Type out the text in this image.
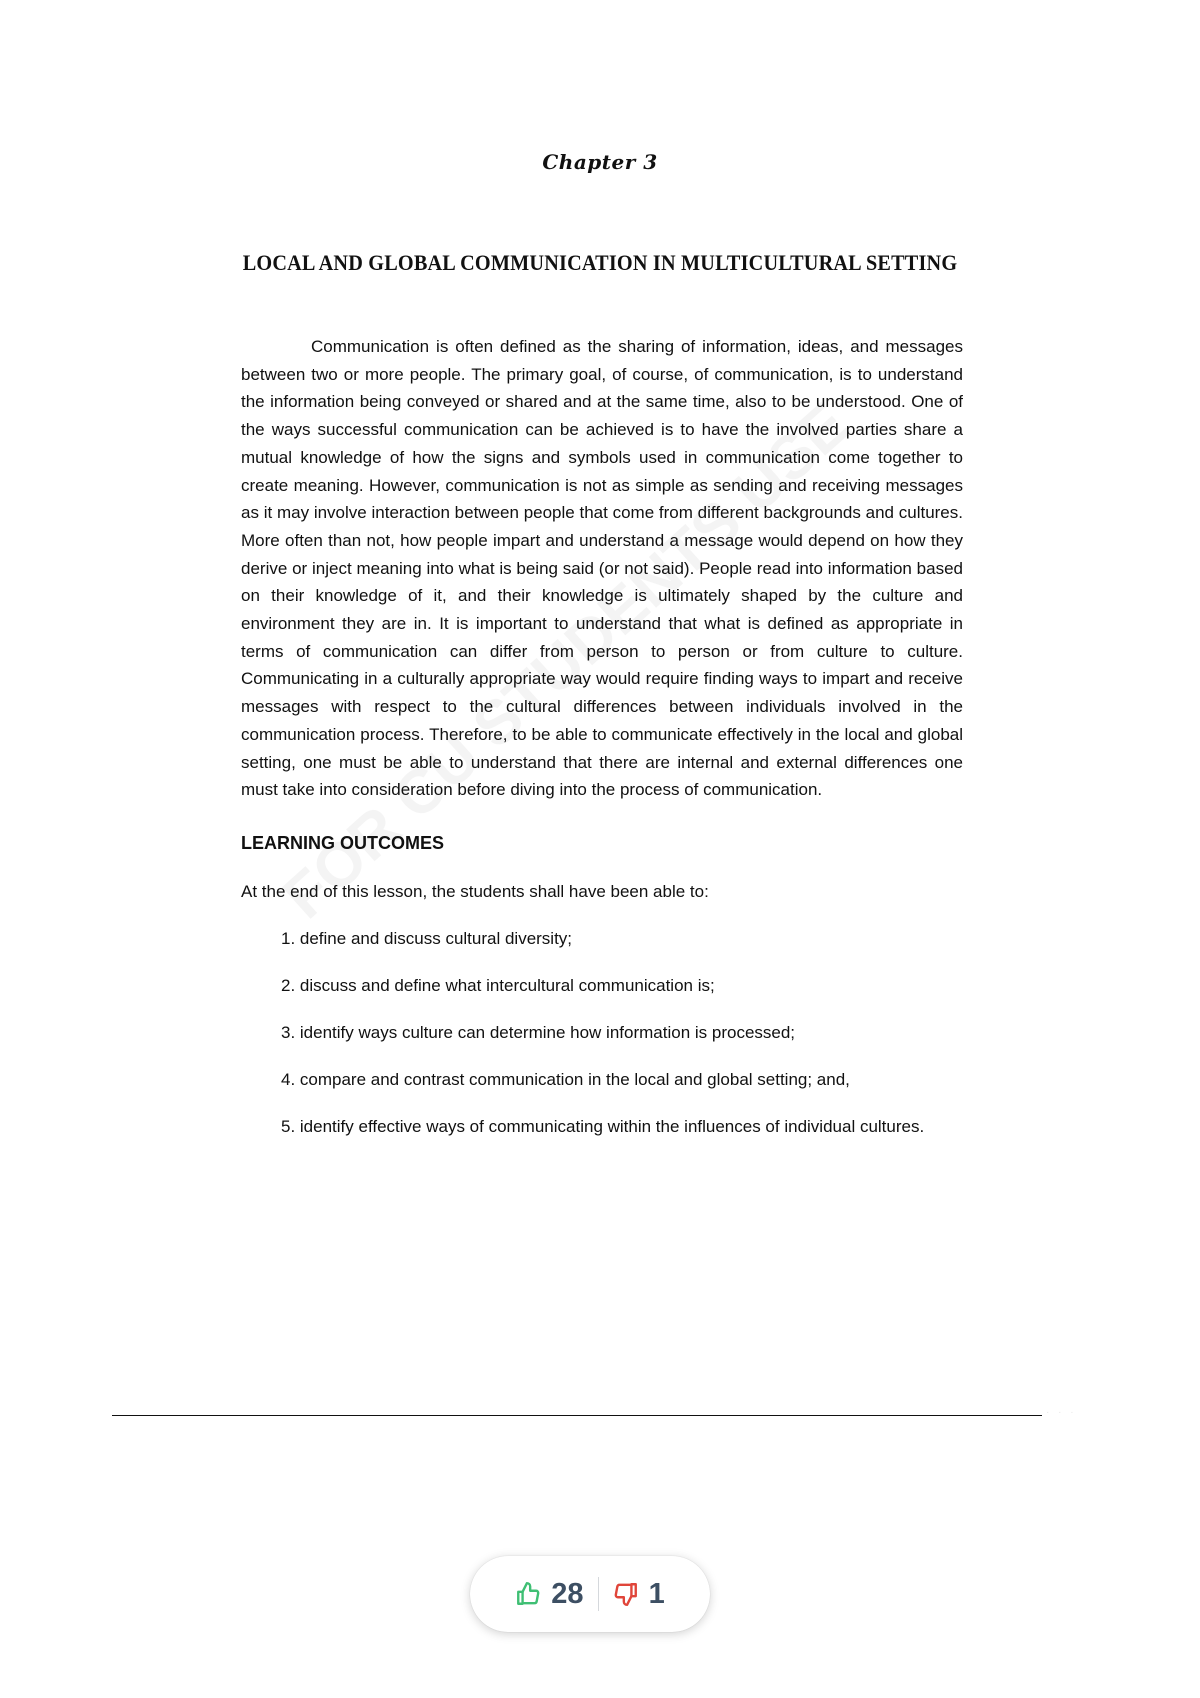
Chapter 3
LOCAL AND GLOBAL COMMUNICATION IN MULTICULTURAL SETTING

Communication is often defined as the sharing of information, ideas, and messages between two or more people. The primary goal, of course, of communication, is to understand the information being conveyed or shared and at the same time, also to be understood. One of the ways successful communication can be achieved is to have the involved parties share a mutual knowledge of how the signs and symbols used in communication come together to create meaning. However, communication is not as simple as sending and receiving messages as it may involve interaction between people that come from different backgrounds and cultures. More often than not, how people impart and understand a message would depend on how they derive or inject meaning into what is being said (or not said). People read into information based on their knowledge of it, and their knowledge is ultimately shaped by the culture and environment they are in. It is important to understand that what is defined as appropriate in terms of communication can differ from person to person or from culture to culture. Communicating in a culturally appropriate way would require finding ways to impart and receive messages with respect to the cultural differences between individuals involved in the communication process. Therefore, to be able to communicate effectively in the local and global setting, one must be able to understand that there are internal and external differences one must take into consideration before diving into the process of communication.

LEARNING OUTCOMES

At the end of this lesson, the students shall have been able to:

1. define and discuss cultural diversity;
2. discuss and define what intercultural communication is;
3. identify ways culture can determine how information is processed;
4. compare and contrast communication in the local and global setting; and,
5. identify effective ways of communicating within the influences of individual cultures.
· · ·
28 1
